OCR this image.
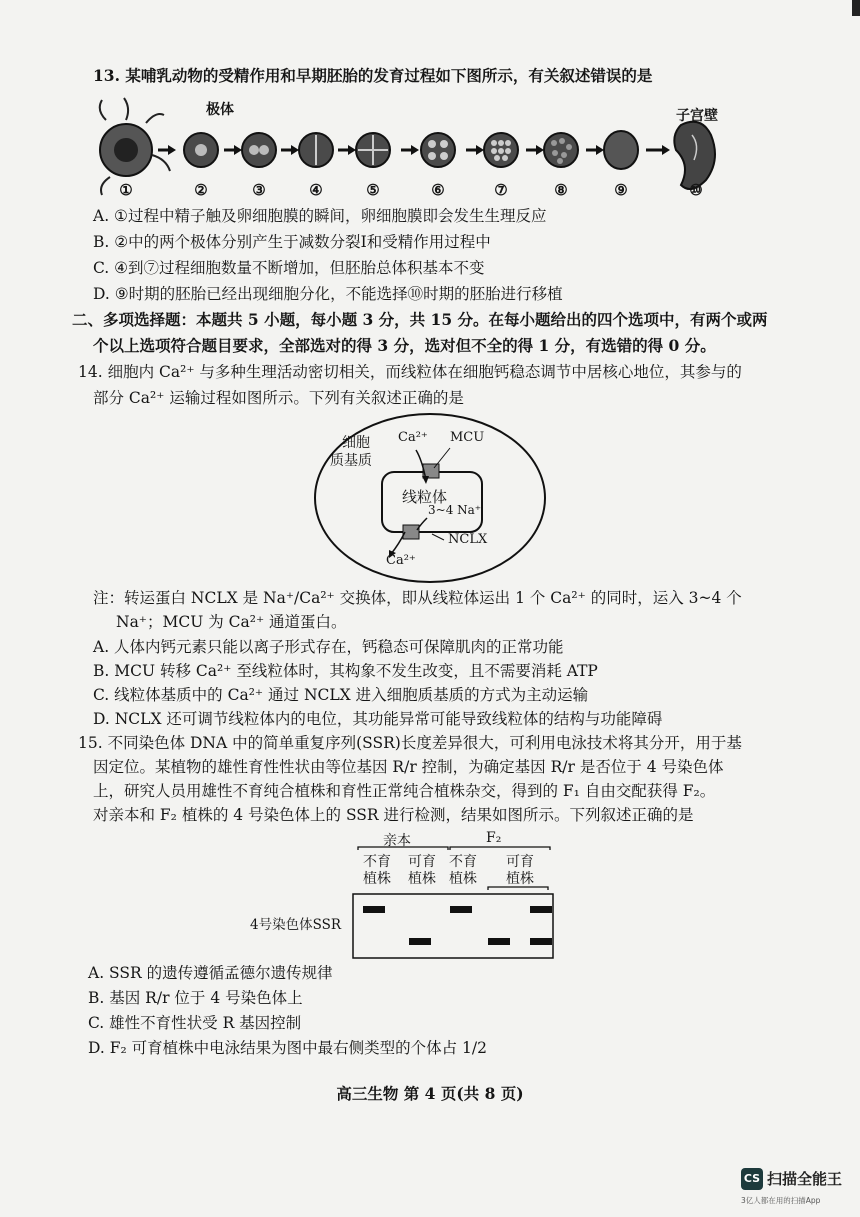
13. 某哺乳动物的受精作用和早期胚胎的发育过程如下图所示，有关叙述错误的是
极体
①	②	③	④	⑤	⑥	⑦	⑧	⑨	⑩
子宫壁
A. ①过程中精子触及卵细胞膜的瞬间，卵细胞膜即会发生生理反应
B. ②中的两个极体分别产生于减数分裂Ⅰ和受精作用过程中
C. ④到⑦过程细胞数量不断增加，但胚胎总体积基本不变
D. ⑨时期的胚胎已经出现细胞分化，不能选择⑩时期的胚胎进行移植
二、多项选择题：本题共 5 小题，每小题 3 分，共 15 分。在每小题给出的四个选项中，有两个或两
个以上选项符合题目要求，全部选对的得 3 分，选对但不全的得 1 分，有选错的得 0 分。
14. 细胞内 Ca²⁺ 与多种生理活动密切相关，而线粒体在细胞钙稳态调节中居核心地位，其参与的
部分 Ca²⁺ 运输过程如图所示。下列有关叙述正确的是
细胞
质基质
Ca²⁺ MCU
线粒体
3~4 Na⁺
NCLX
Ca²⁺
注：转运蛋白 NCLX 是 Na⁺/Ca²⁺ 交换体，即从线粒体运出 1 个 Ca²⁺ 的同时，运入 3~4 个
Na⁺；MCU 为 Ca²⁺ 通道蛋白。
A. 人体内钙元素只能以离子形式存在，钙稳态可保障肌肉的正常功能
B. MCU 转移 Ca²⁺ 至线粒体时，其构象不发生改变，且不需要消耗 ATP
C. 线粒体基质中的 Ca²⁺ 通过 NCLX 进入细胞质基质的方式为主动运输
D. NCLX 还可调节线粒体内的电位，其功能异常可能导致线粒体的结构与功能障碍
15. 不同染色体 DNA 中的简单重复序列(SSR)长度差异很大，可利用电泳技术将其分开，用于基
因定位。某植物的雄性育性性状由等位基因 R/r 控制，为确定基因 R/r 是否位于 4 号染色体
上，研究人员用雄性不育纯合植株和育性正常纯合植株杂交，得到的 F₁ 自由交配获得 F₂。
对亲本和 F₂ 植株的 4 号染色体上的 SSR 进行检测，结果如图所示。下列叙述正确的是
亲本	F₂
不育植株
可育植株
不育植株
可育植株
4号染色体SSR
A. SSR 的遗传遵循孟德尔遗传规律
B. 基因 R/r 位于 4 号染色体上
C. 雄性不育性状受 R 基因控制
D. F₂ 可育植株中电泳结果为图中最右侧类型的个体占 1/2
高三生物 第 4 页(共 8 页)
CS 扫描全能王
3亿人都在用的扫描App
